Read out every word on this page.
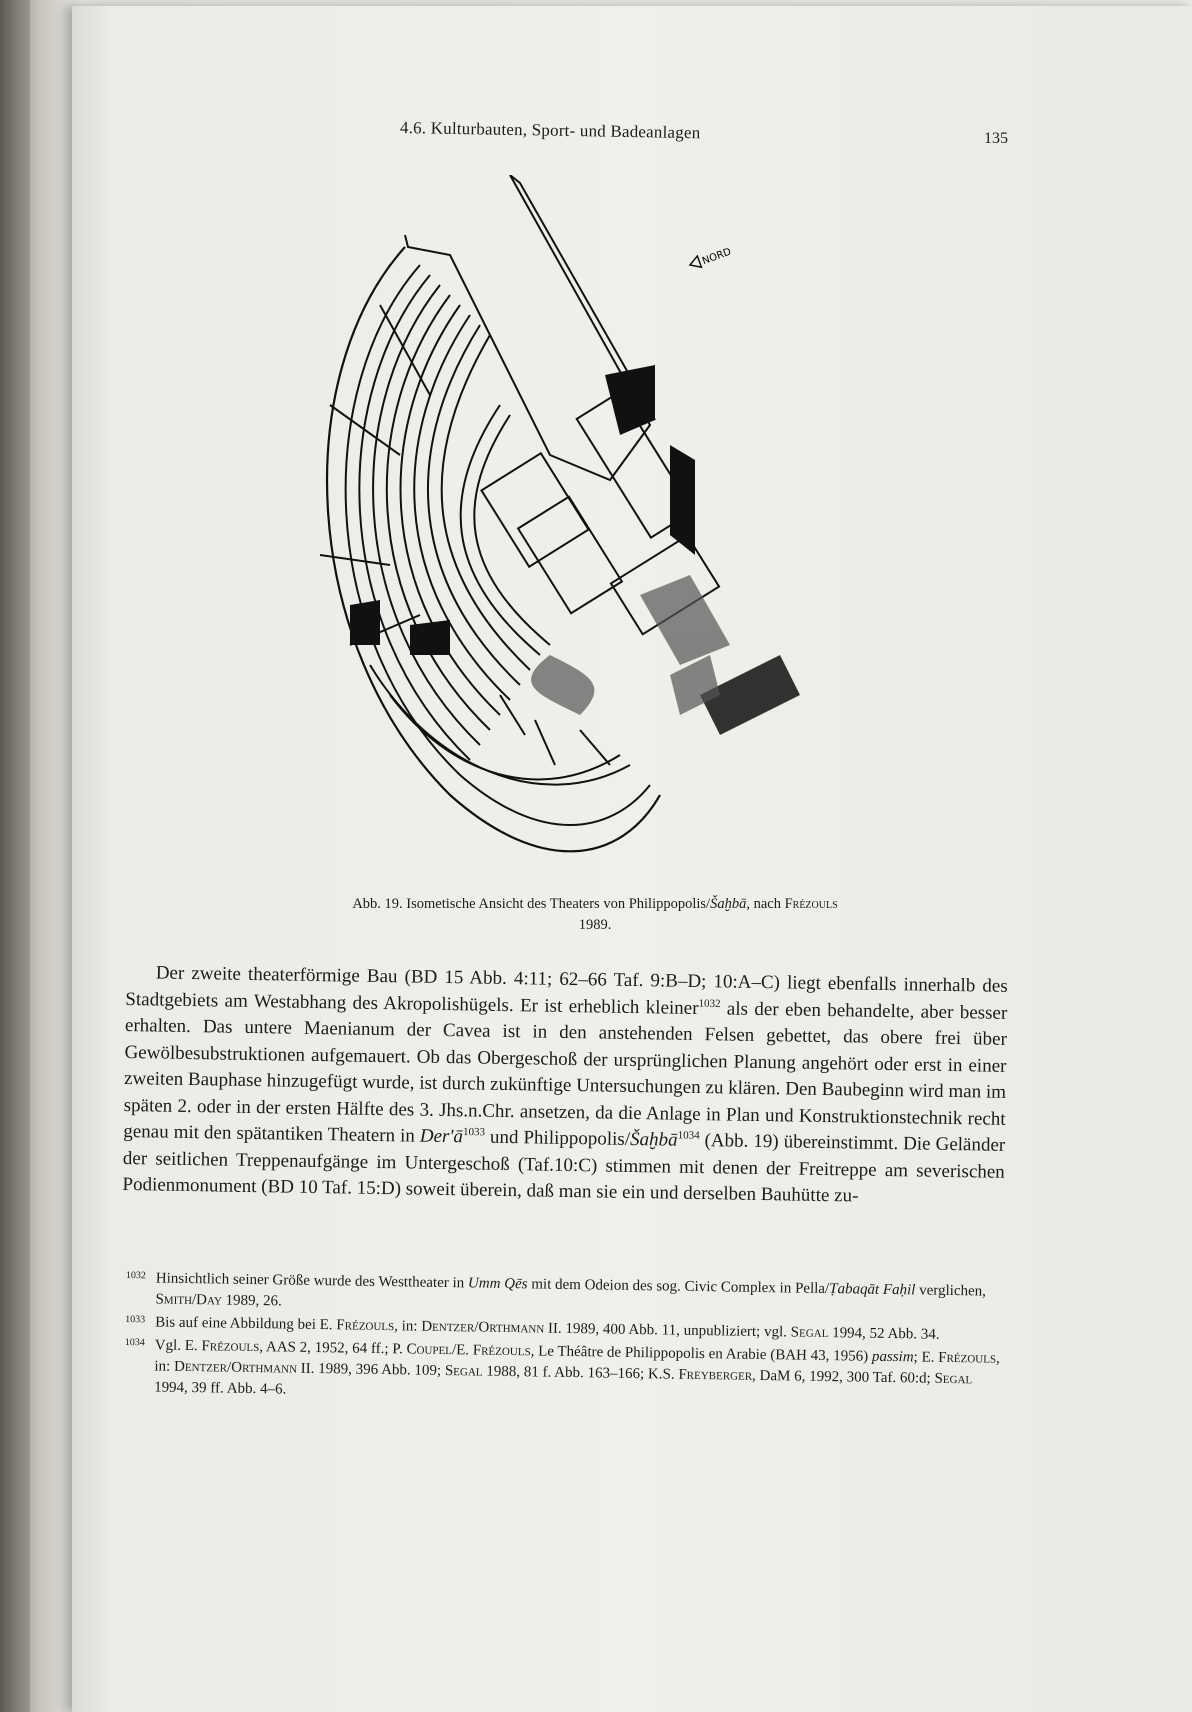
4.6. Kulturbauten, Sport- und Badeanlagen	135
NORD
Abb. 19. Isometische Ansicht des Theaters von Philippopolis/Šaḫbā, nach Frézouls
1989.

Der zweite theaterförmige Bau (BD 15 Abb. 4:11; 62–66 Taf. 9:B–D; 10:A–C) liegt ebenfalls innerhalb des Stadtgebiets am Westabhang des Akropolishügels. Er ist erheblich kleiner$^{1032}$ als der eben behandelte, aber besser erhalten. Das untere Maenianum der Cavea ist in den anstehenden Felsen gebettet, das obere frei über Gewölbesubstruktionen aufgemauert. Ob das Obergeschoß der ursprünglichen Planung angehört oder erst in einer zweiten Bauphase hinzugefügt wurde, ist durch zukünftige Untersuchungen zu klären. Den Baubeginn wird man im späten 2. oder in der ersten Hälfte des 3. Jhs.n.Chr. ansetzen, da die Anlage in Plan und Konstruktionstechnik recht genau mit den spätantiken Theatern in $Der'ā^{1033}$ und Philippopolis/Šaḫbā$^{1034}$ (Abb. 19) übereinstimmt. Die Geländer der seitlichen Treppenaufgänge im Untergeschoß (Taf.10:C) stimmen mit denen der Freitreppe am severischen Podienmonument (BD 10 Taf. 15:D) soweit überein, daß man sie ein und derselben Bauhütte zu-

1032 Hinsichtlich seiner Größe wurde des Westtheater in Umm Qēs mit dem Odeion des sog. Civic Complex in Pella/Ṭabaqāt Faḥil verglichen, Smith/Day 1989, 26.
1033 Bis auf eine Abbildung bei E. Frézouls, in: Dentzer/Orthmann II. 1989, 400 Abb. 11, unpubliziert; vgl. Segal 1994, 52 Abb. 34.
1034 Vgl. E. Frézouls, AAS 2, 1952, 64 ff.; P. Coupel/E. Frézouls, Le Théâtre de Philippopolis en Arabie (BAH 43, 1956) passim; E. Frézouls, in: Dentzer/Orthmann II. 1989, 396 Abb. 109; Segal 1988, 81 f. Abb. 163–166; K.S. Freyberger, DaM 6, 1992, 300 Taf. 60:d; Segal 1994, 39 ff. Abb. 4–6.
